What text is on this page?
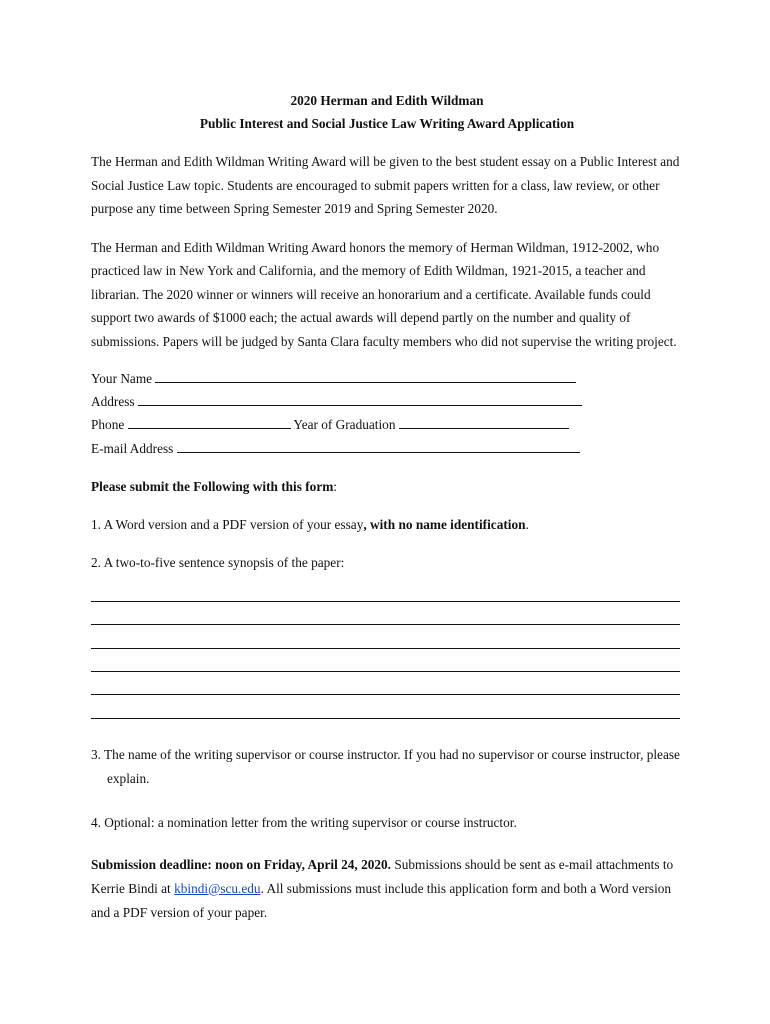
2020 Herman and Edith Wildman
Public Interest and Social Justice Law Writing Award Application
The Herman and Edith Wildman Writing Award will be given to the best student essay on a Public Interest and Social Justice Law topic. Students are encouraged to submit papers written for a class, law review, or other purpose any time between Spring Semester 2019 and Spring Semester 2020.
The Herman and Edith Wildman Writing Award honors the memory of Herman Wildman, 1912-2002, who practiced law in New York and California, and the memory of Edith Wildman, 1921-2015, a teacher and librarian. The 2020 winner or winners will receive an honorarium and a certificate. Available funds could support two awards of $1000 each; the actual awards will depend partly on the number and quality of submissions. Papers will be judged by Santa Clara faculty members who did not supervise the writing project.
Your Name
Address
Phone	Year of Graduation
E-mail Address
Please submit the Following with this form:
1. A Word version and a PDF version of your essay, with no name identification.
2. A two-to-five sentence synopsis of the paper:
3. The name of the writing supervisor or course instructor. If you had no supervisor or course instructor, please explain.
4. Optional: a nomination letter from the writing supervisor or course instructor.
Submission deadline: noon on Friday, April 24, 2020. Submissions should be sent as e-mail attachments to Kerrie Bindi at kbindi@scu.edu. All submissions must include this application form and both a Word version and a PDF version of your paper.
